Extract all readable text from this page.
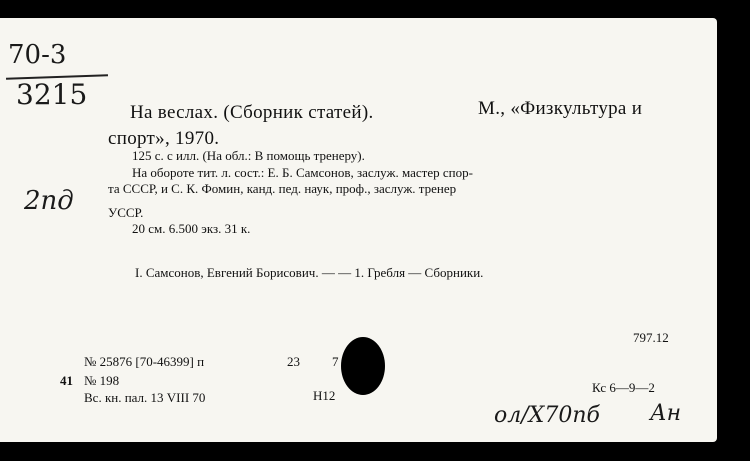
70-3
3215
2пд
На веслах. (Сборник статей).	М., «Физкультура и
спорт», 1970.
125 с. с илл. (На обл.: В помощь тренеру).
На обороте тит. л. сост.: Е. Б. Самсонов, заслуж. мастер спор-
та СССР, и С. К. Фомин, канд. пед. наук, проф., заслуж. тренер
УССР.
20 см. 6.500 экз. 31 к.
I. Самсонов, Евгений Борисович. — — 1. Гребля — Сборники.
797.12
№ 25876 [70-46399] п	23 7
41 № 198
Вс. кн. пал. 13 VIII 70	Н12
Кс 6—9—2
ол/Х70пб Ан
